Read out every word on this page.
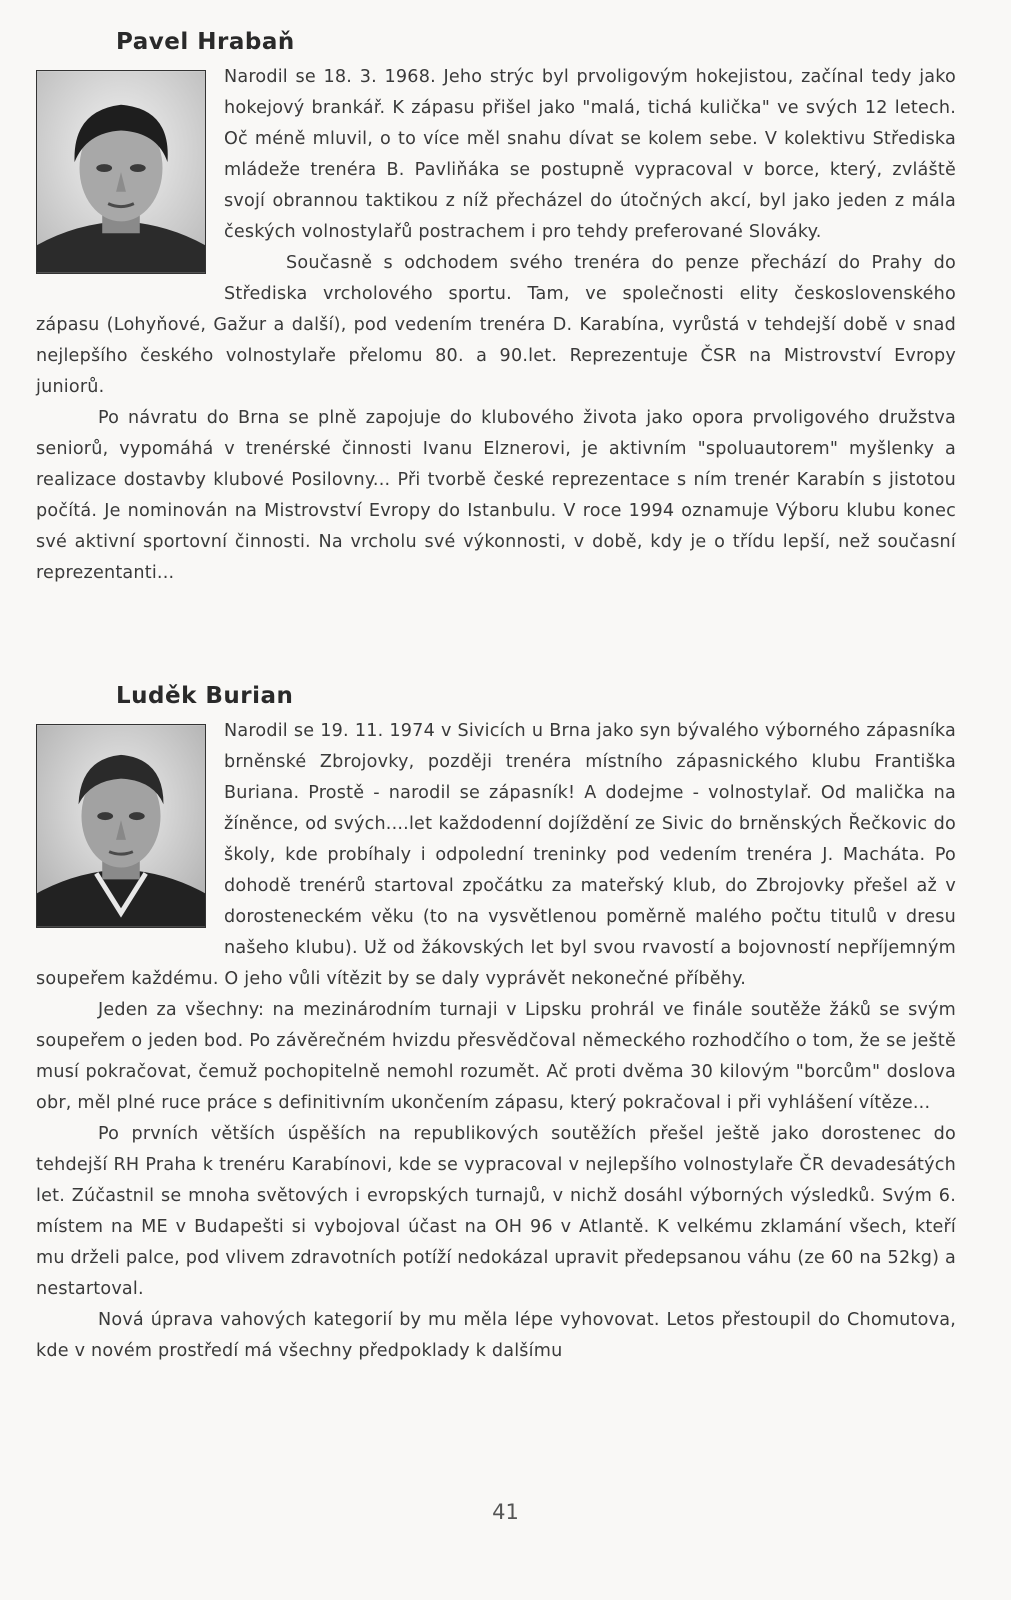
Pavel Hrabaň

Narodil se 18. 3. 1968. Jeho strýc byl prvoligovým hokejistou, začínal tedy jako hokejový brankář. K zápasu přišel jako "malá, tichá kulička" ve svých 12 letech. Oč méně mluvil, o to více měl snahu dívat se kolem sebe. V kolektivu Střediska mládeže trenéra B. Pavliňáka se postupně vypracoval v borce, který, zvláště svojí obrannou taktikou z níž přecházel do útočných akcí, byl jako jeden z mála českých volnostylařů postrachem i pro tehdy preferované Slováky.

Současně s odchodem svého trenéra do penze přechází do Prahy do Střediska vrcholového sportu. Tam, ve společnosti elity československého zápasu (Lohyňové, Gažur a další), pod vedením trenéra D. Karabína, vyrůstá v tehdejší době v snad nejlepšího českého volnostylaře přelomu 80. a 90.let. Reprezentuje ČSR na Mistrovství Evropy juniorů.

Po návratu do Brna se plně zapojuje do klubového života jako opora prvoligového družstva seniorů, vypomáhá v trenérské činnosti Ivanu Elznerovi, je aktivním "spoluautorem" myšlenky a realizace dostavby klubové Posilovny... Při tvorbě české reprezentace s ním trenér Karabín s jistotou počítá. Je nominován na Mistrovství Evropy do Istanbulu. V roce 1994 oznamuje Výboru klubu konec své aktivní sportovní činnosti. Na vrcholu své výkonnosti, v době, kdy je o třídu lepší, než současní reprezentanti...

Luděk Burian

Narodil se 19. 11. 1974 v Sivicích u Brna jako syn bývalého výborného zápasníka brněnské Zbrojovky, později trenéra místního zápasnického klubu Františka Buriana. Prostě - narodil se zápasník! A dodejme - volnostylař. Od malička na žíněnce, od svých....let každodenní dojíždění ze Sivic do brněnských Řečkovic do školy, kde probíhaly i odpolední treninky pod vedením trenéra J. Macháta. Po dohodě trenérů startoval zpočátku za mateřský klub, do Zbrojovky přešel až v dorosteneckém věku (to na vysvětlenou poměrně malého počtu titulů v dresu našeho klubu). Už od žákovských let byl svou rvavostí a bojovností nepříjemným soupeřem každému. O jeho vůli vítězit by se daly vyprávět nekonečné příběhy.

Jeden za všechny: na mezinárodním turnaji v Lipsku prohrál ve finále soutěže žáků se svým soupeřem o jeden bod. Po závěrečném hvizdu přesvědčoval německého rozhodčího o tom, že se ještě musí pokračovat, čemuž pochopitelně nemohl rozumět. Ač proti dvěma 30 kilovým "borcům" doslova obr, měl plné ruce práce s definitivním ukončením zápasu, který pokračoval i při vyhlášení vítěze...

Po prvních větších úspěších na republikových soutěžích přešel ještě jako dorostenec do tehdejší RH Praha k trenéru Karabínovi, kde se vypracoval v nejlepšího volnostylaře ČR devadesátých let. Zúčastnil se mnoha světových i evropských turnajů, v nichž dosáhl výborných výsledků. Svým 6. místem na ME v Budapešti si vybojoval účast na OH 96 v Atlantě. K velkému zklamání všech, kteří mu drželi palce, pod vlivem zdravotních potíží nedokázal upravit předepsanou váhu (ze 60 na 52kg) a nestartoval.

Nová úprava vahových kategorií by mu měla lépe vyhovovat. Letos přestoupil do Chomutova, kde v novém prostředí má všechny předpoklady k dalšímu

41
